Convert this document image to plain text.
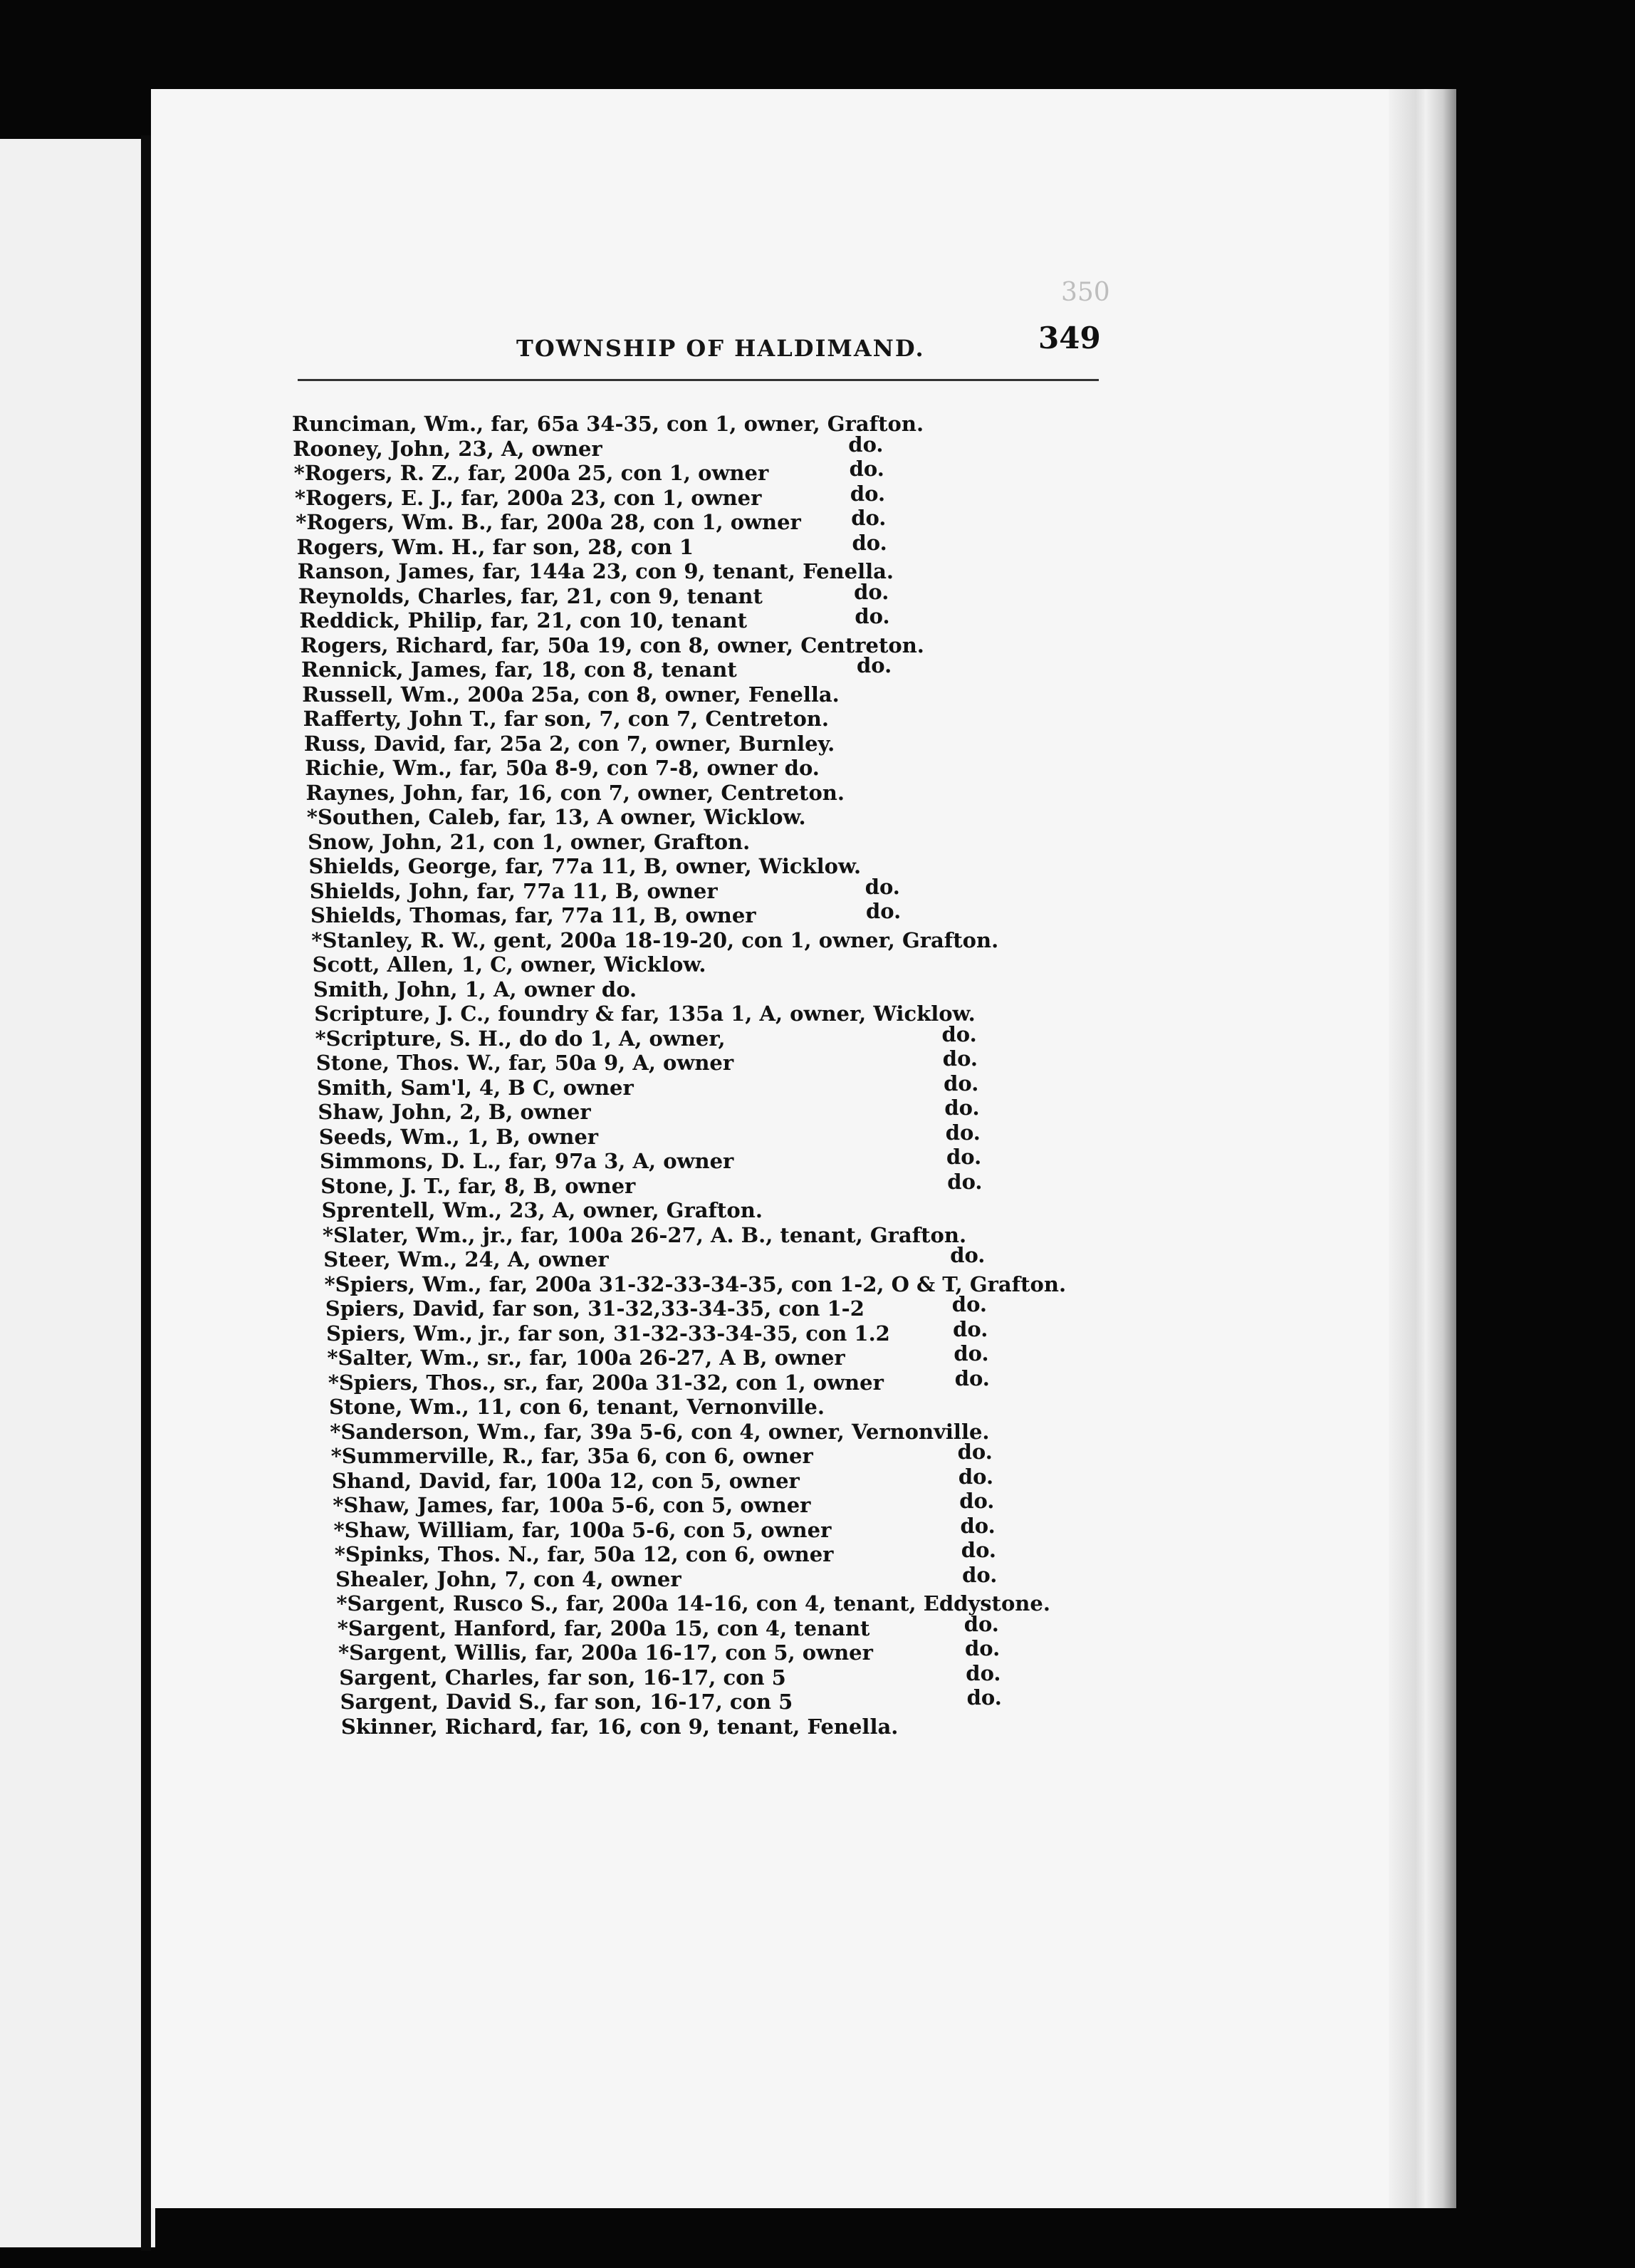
350
TOWNSHIP OF HALDIMAND.	349
Runciman, Wm., far, 65a 34-35, con 1, owner, Grafton.
Rooney, John, 23, A, owner	do.
*Rogers, R. Z., far, 200a 25, con 1, owner	do.
*Rogers, E. J., far, 200a 23, con 1, owner	do.
*Rogers, Wm. B., far, 200a 28, con 1, owner do.
Rogers, Wm. H., far son, 28, con 1	do.
Ranson, James, far, 144a 23, con 9, tenant, Fenella.
Reynolds, Charles, far, 21, con 9, tenant	do.
Reddick, Philip, far, 21, con 10, tenant	do.
Rogers, Richard, far, 50a 19, con 8, owner, Centreton.
Rennick, James, far, 18, con 8, tenant	do.
Russell, Wm., 200a 25a, con 8, owner, Fenella.
Rafferty, John T., far son, 7, con 7, Centreton.
Russ, David, far, 25a 2, con 7, owner, Burnley.
Richie, Wm., far, 50a 8-9, con 7-8, owner do.
Raynes, John, far, 16, con 7, owner, Centreton.
*Southen, Caleb, far, 13, A owner, Wicklow.
Snow, John, 21, con 1, owner, Grafton.
Shields, George, far, 77a 11, B, owner, Wicklow.
Shields, John, far, 77a 11, B, owner	do.
Shields, Thomas, far, 77a 11, B, owner	do.
*Stanley, R. W., gent, 200a 18-19-20, con 1, owner, Grafton.
Scott, Allen, 1, C, owner, Wicklow.
Smith, John, 1, A, owner do.
Scripture, J. C., foundry & far, 135a 1, A, owner, Wicklow.
*Scripture, S. H., do do 1, A, owner,	do.
Stone, Thos. W., far, 50a 9, A, owner	do.
Smith, Sam'l, 4, B C, owner	do.
Shaw, John, 2, B, owner	do.
Seeds, Wm., 1, B, owner	do.
Simmons, D. L., far, 97a 3, A, owner	do.
Stone, J. T., far, 8, B, owner	do.
Sprentell, Wm., 23, A, owner, Grafton.
*Slater, Wm., jr., far, 100a 26-27, A. B., tenant, Grafton.
Steer, Wm., 24, A, owner	do.
*Spiers, Wm., far, 200a 31-32-33-34-35, con 1-2, O & T, Grafton.
Spiers, David, far son, 31-32,33-34-35, con 1-2	do.
Spiers, Wm., jr., far son, 31-32-33-34-35, con 1.2	do.
*Salter, Wm., sr., far, 100a 26-27, A B, owner	do.
*Spiers, Thos., sr., far, 200a 31-32, con 1, owner	do.
Stone, Wm., 11, con 6, tenant, Vernonville.
*Sanderson, Wm., far, 39a 5-6, con 4, owner, Vernonville.
*Summerville, R., far, 35a 6, con 6, owner	do.
Shand, David, far, 100a 12, con 5, owner	do.
*Shaw, James, far, 100a 5-6, con 5, owner	do.
*Shaw, William, far, 100a 5-6, con 5, owner	do.
*Spinks, Thos. N., far, 50a 12, con 6, owner	do.
Shealer, John, 7, con 4, owner	do.
*Sargent, Rusco S., far, 200a 14-16, con 4, tenant, Eddystone.
*Sargent, Hanford, far, 200a 15, con 4, tenant	do.
*Sargent, Willis, far, 200a 16-17, con 5, owner	do.
Sargent, Charles, far son, 16-17, con 5	do.
Sargent, David S., far son, 16-17, con 5	do.
Skinner, Richard, far, 16, con 9, tenant, Fenella.
